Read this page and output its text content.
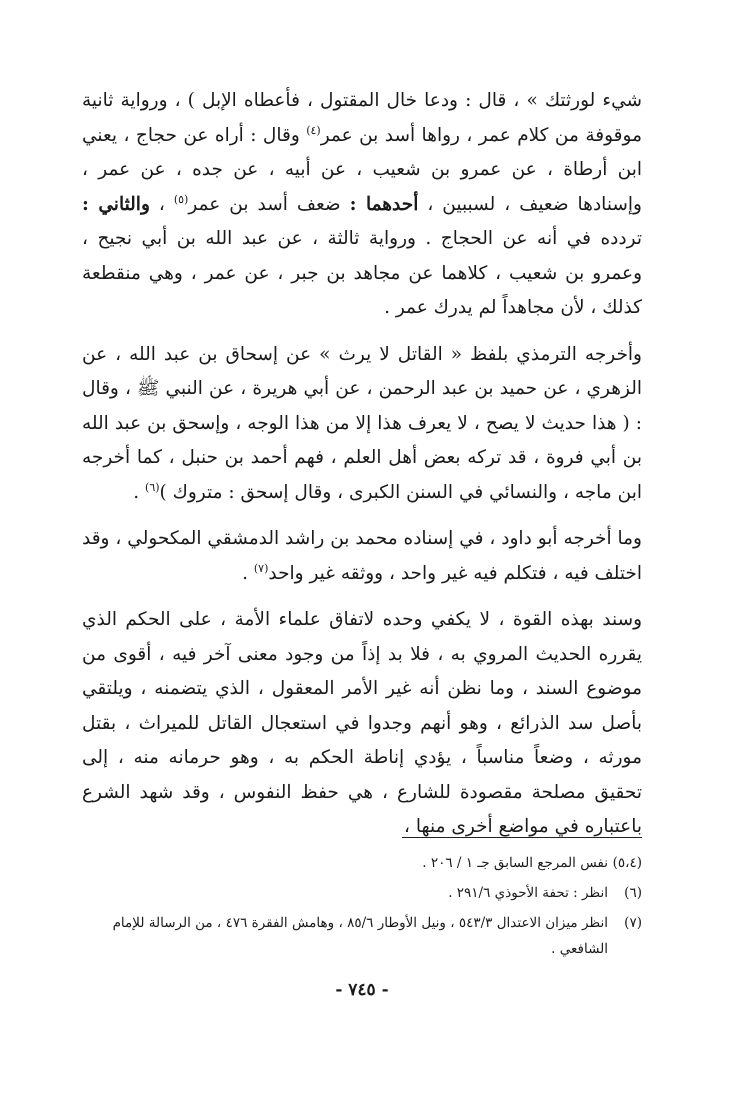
شيء لورثتك » ، قال : ودعا خال المقتول ، فأعطاه الإبل ) ، ورواية ثانية موقوفة من كلام عمر ، رواها أسد بن عمر$^{(٤)}$ وقال : أراه عن حجاج ، يعني ابن أرطاة ، عن عمرو بن شعيب ، عن أبيه ، عن جده ، عن عمر ، وإسنادها ضعيف ، لسببين ، أحدهما : ضعف أسد بن عمر$^{(٥)}$ ، والثاني : تردده في أنه عن الحجاج . ورواية ثالثة ، عن عبد الله بن أبي نجيح ، وعمرو بن شعيب ، كلاهما عن مجاهد بن جبر ، عن عمر ، وهي منقطعة كذلك ، لأن مجاهداً لم يدرك عمر .

وأخرجه الترمذي بلفظ « القاتل لا يرث » عن إسحاق بن عبد الله ، عن الزهري ، عن حميد بن عبد الرحمن ، عن أبي هريرة ، عن النبي ﷺ ، وقال : ( هذا حديث لا يصح ، لا يعرف هذا إلا من هذا الوجه ، وإسحق بن عبد الله بن أبي فروة ، قد تركه بعض أهل العلم ، فهم أحمد بن حنبل ، كما أخرجه ابن ماجه ، والنسائي في السنن الكبرى ، وقال إسحق : متروك )$^{(٦)}$ .

وما أخرجه أبو داود ، في إسناده محمد بن راشد الدمشقي المكحولي ، وقد اختلف فيه ، فتكلم فيه غير واحد ، ووثقه غير واحد$^{(٧)}$ .

وسند بهذه القوة ، لا يكفي وحده لاتفاق علماء الأمة ، على الحكم الذي يقرره الحديث المروي به ، فلا بد إذاً من وجود معنى آخر فيه ، أقوى من موضوع السند ، وما نظن أنه غير الأمر المعقول ، الذي يتضمنه ، ويلتقي بأصل سد الذرائع ، وهو أنهم وجدوا في استعجال القاتل للميراث ، بقتل مورثه ، وضعاً مناسباً ، يؤدي إناطة الحكم به ، وهو حرمانه منه ، إلى تحقيق مصلحة مقصودة للشارع ، هي حفظ النفوس ، وقد شهد الشرع باعتباره في مواضع أخرى منها ،

(٥،٤)
نفس المرجع السابق جـ ١ / ٢٠٦ .
(٦)
انظر : تحفة الأحوذي ٢٩١/٦ .
(٧)
انظر ميزان الاعتدال ٥٤٣/٣ ، ونيل الأوطار ٨٥/٦ ، وهامش الفقرة ٤٧٦ ، من الرسالة للإمام الشافعي .
- ٧٤٥ -
